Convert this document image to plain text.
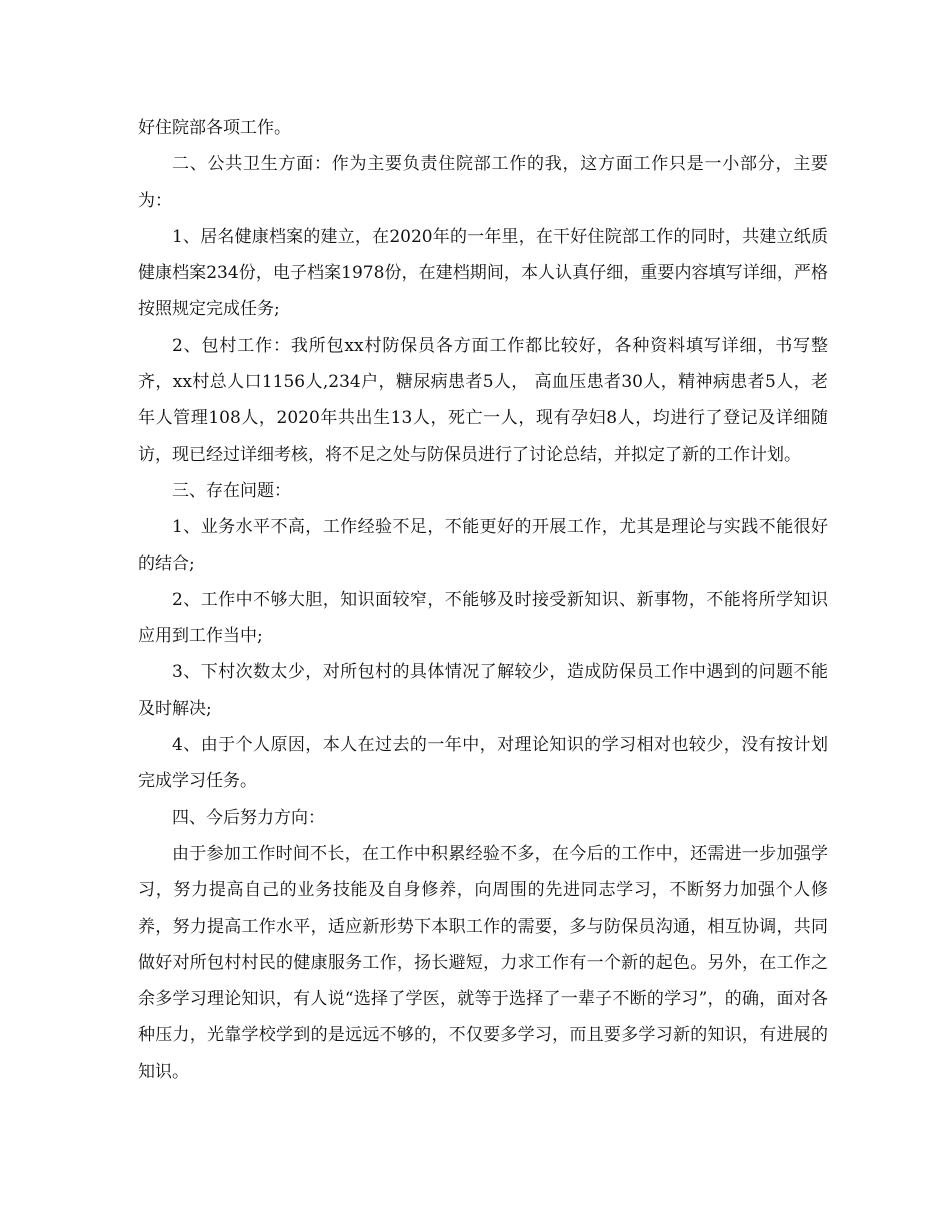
好住院部各项工作。

二、公共卫生方面：作为主要负责住院部工作的我，这方面工作只是一小部分，主要为：

1、居名健康档案的建立，在2020年的一年里，在干好住院部工作的同时，共建立纸质健康档案234份，电子档案1978份，在建档期间，本人认真仔细，重要内容填写详细，严格按照规定完成任务;

2、包村工作：我所包xx村防保员各方面工作都比较好，各种资料填写详细，书写整齐，xx村总人口1156人,234户，糖尿病患者5人， 高血压患者30人，精神病患者5人，老年人管理108人，2020年共出生13人，死亡一人，现有孕妇8人，均进行了登记及详细随访，现已经过详细考核，将不足之处与防保员进行了讨论总结，并拟定了新的工作计划。

三、存在问题：

1、业务水平不高，工作经验不足，不能更好的开展工作，尤其是理论与实践不能很好的结合;

2、工作中不够大胆，知识面较窄，不能够及时接受新知识、新事物，不能将所学知识应用到工作当中;

3、下村次数太少，对所包村的具体情况了解较少，造成防保员工作中遇到的问题不能及时解决;

4、由于个人原因，本人在过去的一年中，对理论知识的学习相对也较少，没有按计划完成学习任务。

四、今后努力方向：

由于参加工作时间不长，在工作中积累经验不多，在今后的工作中，还需进一步加强学习，努力提高自己的业务技能及自身修养，向周围的先进同志学习，不断努力加强个人修养，努力提高工作水平，适应新形势下本职工作的需要，多与防保员沟通，相互协调，共同做好对所包村村民的健康服务工作，扬长避短，力求工作有一个新的起色。另外，在工作之余多学习理论知识，有人说“选择了学医，就等于选择了一辈子不断的学习”，的确，面对各种压力，光靠学校学到的是远远不够的，不仅要多学习，而且要多学习新的知识，有进展的知识。
